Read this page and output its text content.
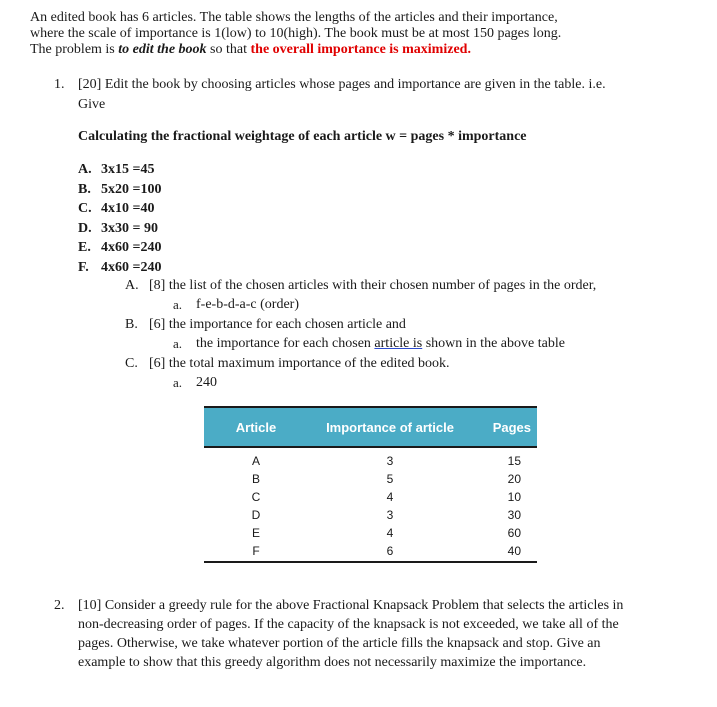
An edited book has 6 articles. The table shows the lengths of the articles and their importance,
where the scale of importance is 1(low) to 10(high). The book must be at most 150 pages long.
The problem is to edit the book so that the overall importance is maximized.
1. [20] Edit the book by choosing articles whose pages and importance are given in the table. i.e.
Give
Calculating the fractional weightage of each article w = pages * importance
A. 3x15 =45
B. 5x20 =100
C. 4x10 =40
D. 3x30 = 90
E. 4x60 =240
F. 4x60 =240
A. [8] the list of the chosen articles with their chosen number of pages in the order,
a. f-e-b-d-a-c (order)
B. [6] the importance for each chosen article and
a. the importance for each chosen article is shown in the above table
C. [6] the total maximum importance of the edited book.
a. 240
Article	Importance of article	Pages
A	3	15
B	5	20
C	4	10
D	3	30
E	4	60
F	6	40
2. [10] Consider a greedy rule for the above Fractional Knapsack Problem that selects the articles in
non-decreasing order of pages. If the capacity of the knapsack is not exceeded, we take all of the
pages. Otherwise, we take whatever portion of the article fills the knapsack and stop. Give an
example to show that this greedy algorithm does not necessarily maximize the importance.
